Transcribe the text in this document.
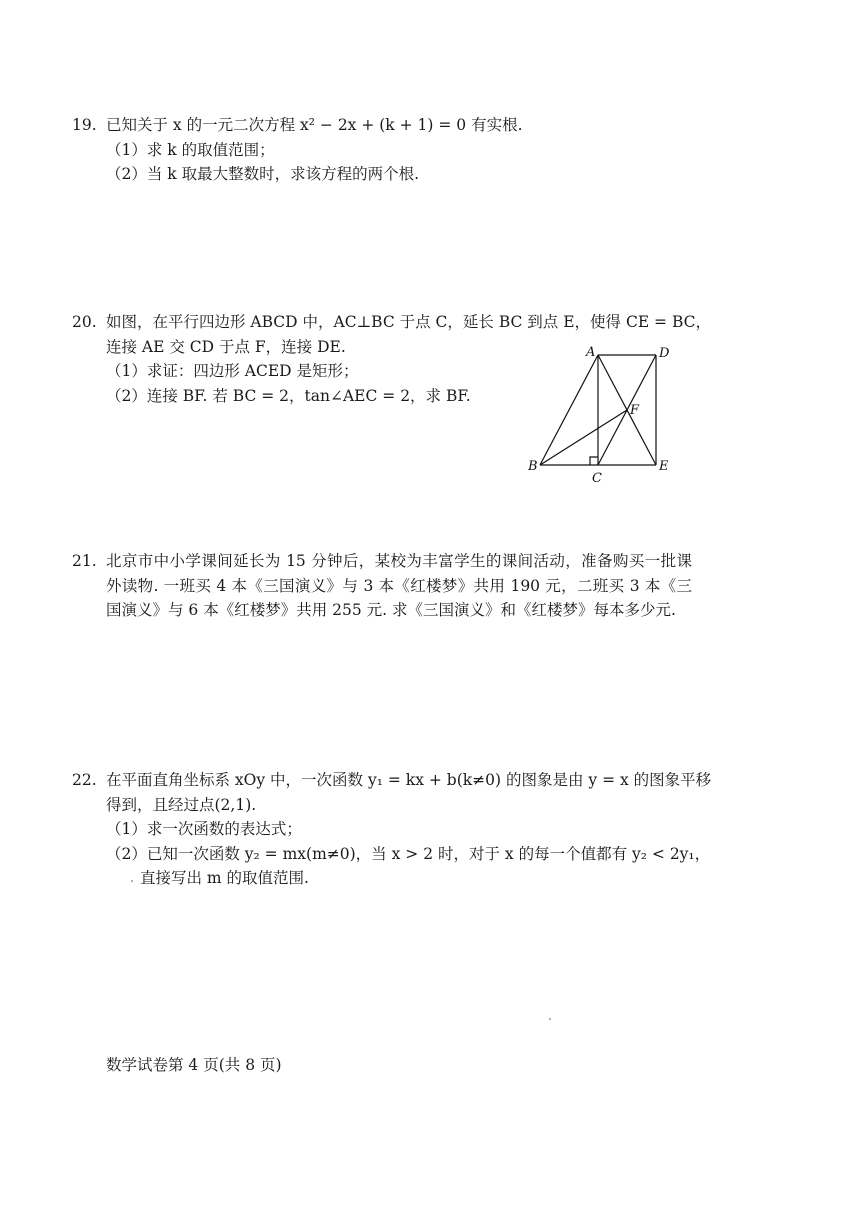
19. 已知关于 x 的一元二次方程 x² − 2x + (k + 1) = 0 有实根.
（1）求 k 的取值范围；
（2）当 k 取最大整数时，求该方程的两个根.
20. 如图，在平行四边形 ABCD 中，AC⊥BC 于点 C，延长 BC 到点 E，使得 CE = BC，
连接 AE 交 CD 于点 F，连接 DE.
（1）求证：四边形 ACED 是矩形；
（2）连接 BF. 若 BC = 2，tan∠AEC = 2，求 BF.
A	D
F
B
C
E
21. 北京市中小学课间延长为 15 分钟后，某校为丰富学生的课间活动，准备购买一批课外读物. 一班买 4 本《三国演义》与 3 本《红楼梦》共用 190 元，二班买 3 本《三国演义》与 6 本《红楼梦》共用 255 元. 求《三国演义》和《红楼梦》每本多少元.

22. 在平面直角坐标系 xOy 中，一次函数 y₁ = kx + b(k≠0) 的图象是由 y = x 的图象平移
得到，且经过点(2,1).
（1）求一次函数的表达式；
（2）已知一次函数 y₂ = mx(m≠0)，当 x > 2 时，对于 x 的每一个值都有 y₂ < 2y₁，
直接写出 m 的取值范围.
数学试卷第 4 页(共 8 页)
